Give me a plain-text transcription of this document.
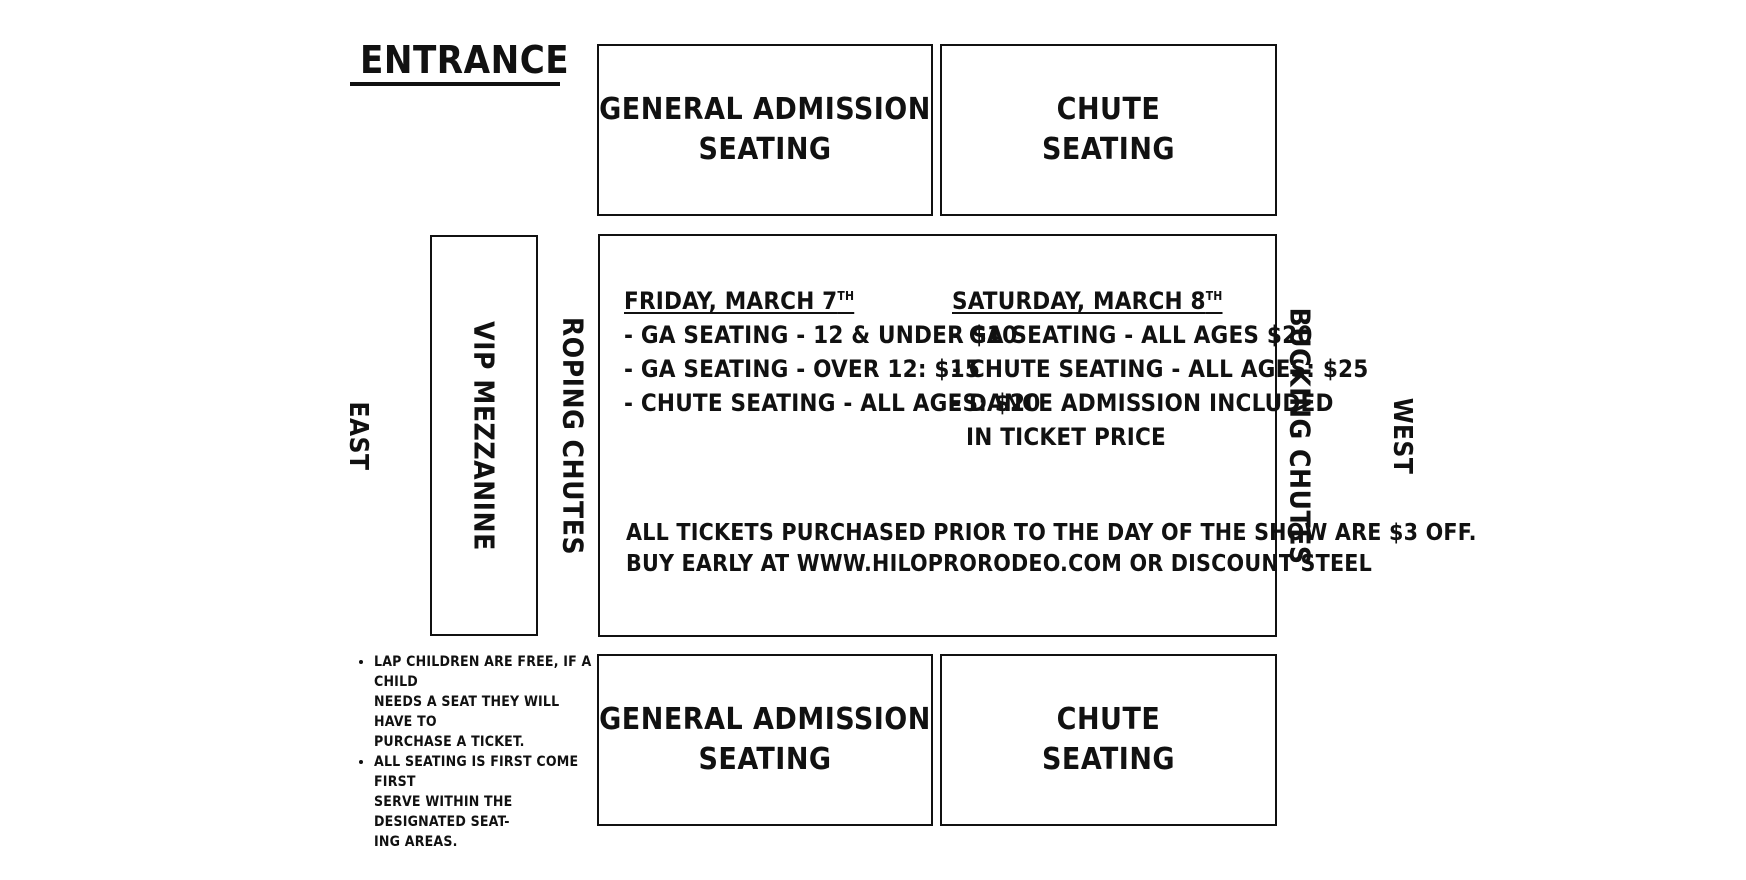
ENTRANCE
GENERAL ADMISSION
SEATING
CHUTE
SEATING
EAST	VIP MEZZANINE ROPING CHUTES
FRIDAY, MARCH 7TH
- GA SEATING - 12 & UNDER $10
- GA SEATING - OVER 12: $15
- CHUTE SEATING - ALL AGES: $20
SATURDAY, MARCH 8TH
- GA SEATING - ALL AGES $20
- CHUTE SEATING - ALL AGES: $25
- DANCE ADMISSION INCLUDED
IN TICKET PRICE
ALL TICKETS PURCHASED PRIOR TO THE DAY OF THE SHOW ARE $3 OFF.
BUY EARLY AT WWW.HILOPRORODEO.COM OR DISCOUNT STEEL
BUCKING CHUTES	WEST
• LAP CHILDREN ARE FREE, IF A CHILD
NEEDS A SEAT THEY WILL HAVE TO
PURCHASE A TICKET.
• ALL SEATING IS FIRST COME FIRST
SERVE WITHIN THE DESIGNATED SEAT-
ING AREAS.
GENERAL ADMISSION
SEATING
CHUTE
SEATING
